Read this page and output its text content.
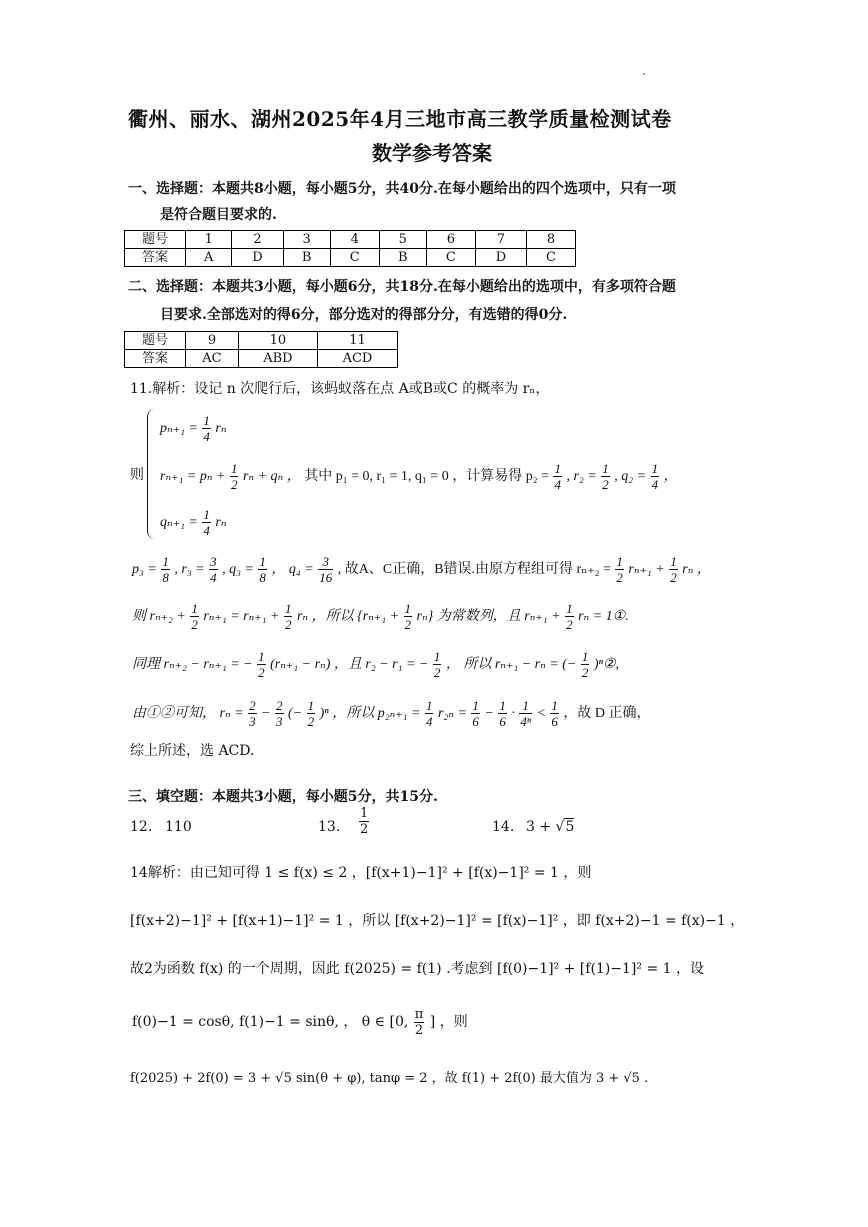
衢州、丽水、湖州2025年4月三地市高三教学质量检测试卷
数学参考答案
一、选择题：本题共8小题，每小题5分，共40分.在每小题给出的四个选项中，只有一项
是符合题目要求的.
题号	1	2	3	4	5	6	7	8
答案	A	D	B	C	B	C	D	C
二、选择题：本题共3小题，每小题6分，共18分.在每小题给出的选项中，有多项符合题
目要求.全部选对的得6分，部分选对的得部分分，有选错的得0分.
题号	9	10	11
答案	AC	ABD	ACD
11.解析：设记 n 次爬行后，该蚂蚁落在点 A或B或C 的概率为 rₙ，
则
$p_{n+1} = \frac{1}{4}$ rₙ
$r_{n+1} = p_n + \frac{1}{2}$ rₙ + qₙ ， 其中 p₁ = 0, r₁ = 1, q₁ = 0 ，计算易得 $p_2 = \frac{1}{4}$ , $r_2 = \frac{1}{2}$ , $q_2 = \frac{1}{4}$ ，
$q_{n+1} = \frac{1}{4}$ rₙ
$p_3 = \frac{1}{8}$ , $r_3 = \frac{3}{4}$ , $q_3 = \frac{1}{8}$ ， $q_4 = \frac{3}{16}$ , 故A、C正确，B错误.由原方程组可得 $r_{n+2} = \frac{1}{2} r_{n+1} + \frac{1}{2}$ rₙ ，
则 $r_{n+2} + \frac{1}{2} r_{n+1} = r_{n+1} + \frac{1}{2}$ rₙ ，所以 $\{r_{n+1} + \frac{1}{2} r_n\}$ 为常数列，且 $r_{n+1} + \frac{1}{2}$ rₙ = 1①.
同理 rₙ₊₂ − rₙ₊₁ = − $\frac{1}{2} (r_{n+1} - r_n)$ ，且 r₂ − r₁ = − $\frac{1}{2}$ ， 所以 rₙ₊₁ − rₙ = (− $\frac{1}{2}$ )ⁿ②,
由①②可知， $r_n = \frac{2}{3} - \frac{2}{3}$ (− $\frac{1}{2} )^n$ ，所以 $p_{2n+1} = \frac{1}{4} r_{2n} = \frac{1}{6} - \frac{1}{6} \cdot \frac{1}{\text{4ⁿ}} < \frac{1}{6}$ ，故 D 正确，
综上所述，选 ACD.
三、填空题：本题共3小题，每小题5分，共15分.
12. 110	13. $\frac{1}{2}$	14. 3 + √5
14解析：由已知可得 1 ≤ f(x) ≤ 2 ，[f(x+1)−1]² + [f(x)−1]² = 1 ，则
[f(x+2)−1]² + [f(x+1)−1]² = 1 ，所以 [f(x+2)−1]² = [f(x)−1]² ，即 f(x+2)−1 = f(x)−1 ，
故2为函数 f(x) 的一个周期，因此 f(2025) = f(1) .考虑到 [f(0)−1]² + [f(1)−1]² = 1 ，设
f(0)−1 = cosθ, f(1)−1 = sinθ, ， θ ∈ [0, $\frac{\pi}{2}$ ] ，则
f(2025) + 2f(0) = 3 + √5 sin(θ + φ), tanφ = 2 ，故 f(1) + 2f(0) 最大值为 3 + √5 .
